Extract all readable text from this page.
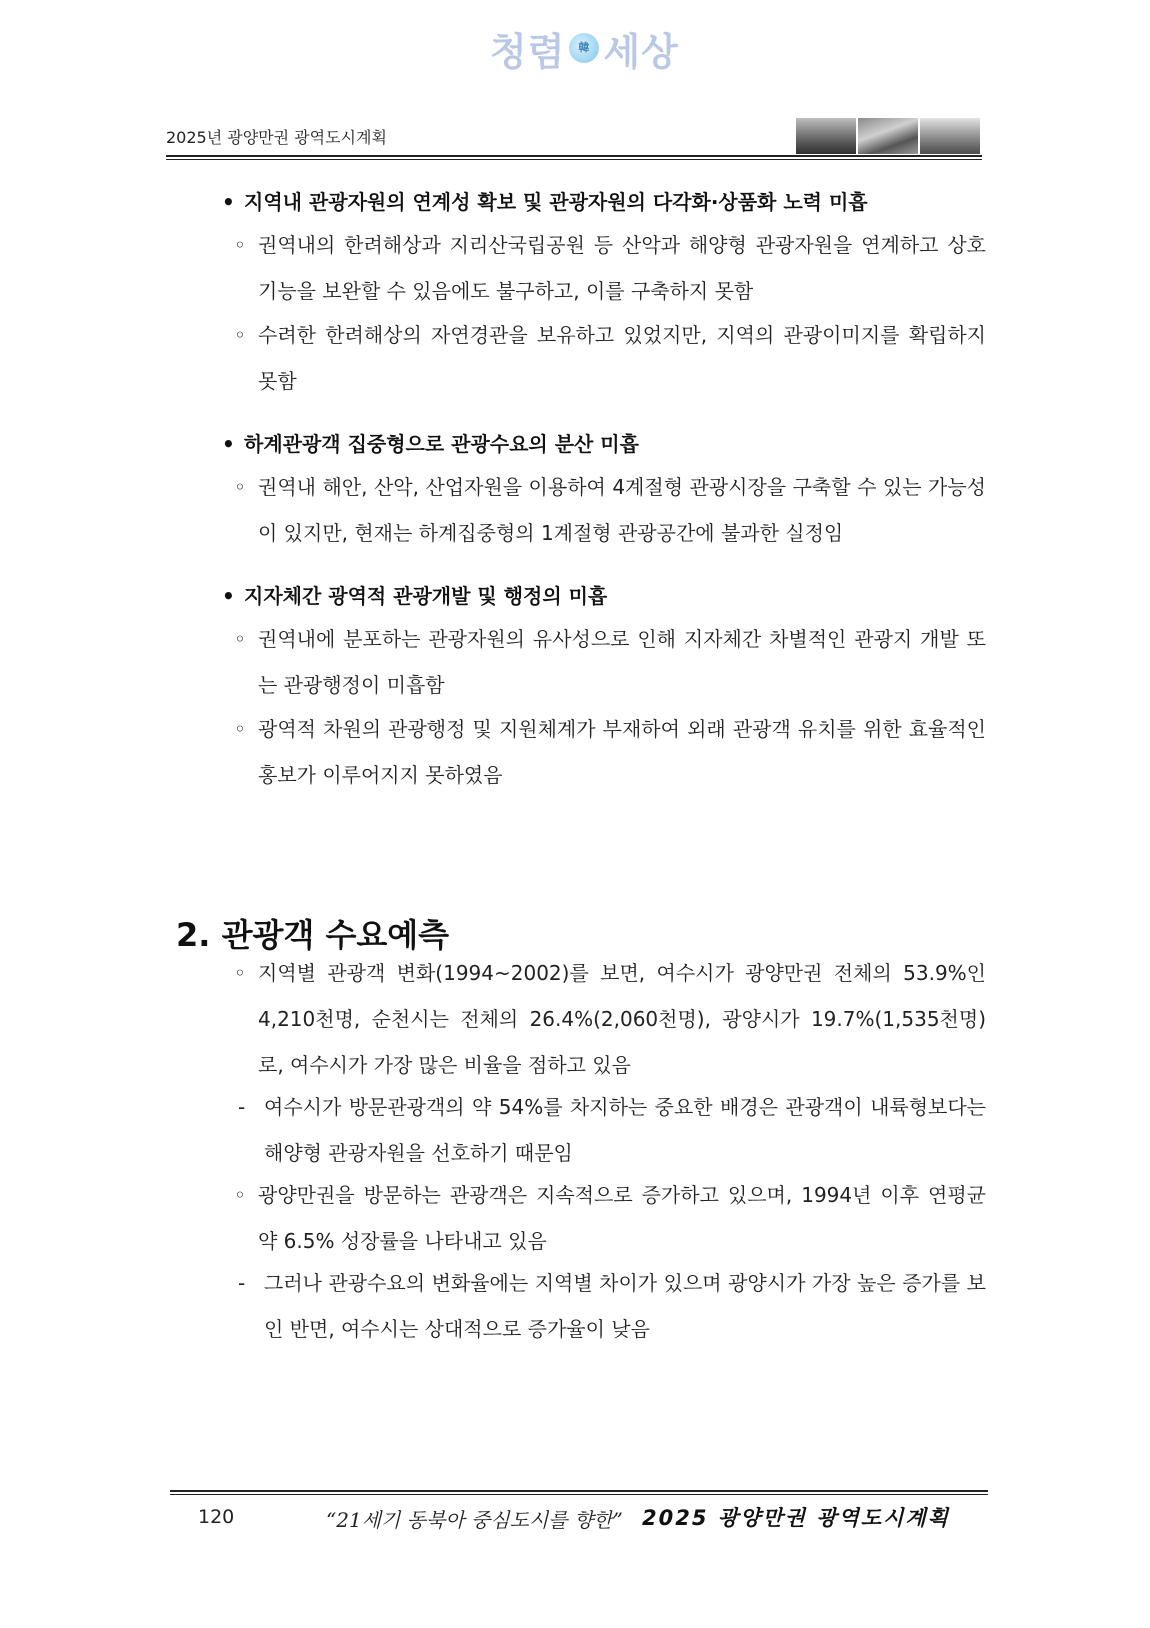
청렴	韓 세상
2025년 광양만권 광역도시계획
• 지역내 관광자원의 연계성 확보 및 관광자원의 다각화·상품화 노력 미흡
◦ 권역내의 한려해상과 지리산국립공원 등 산악과 해양형 관광자원을 연계하고 상호 기능을 보완할 수 있음에도 불구하고, 이를 구축하지 못함
◦ 수려한 한려해상의 자연경관을 보유하고 있었지만, 지역의 관광이미지를 확립하지 못함
• 하계관광객 집중형으로 관광수요의 분산 미흡
◦ 권역내 해안, 산악, 산업자원을 이용하여 4계절형 관광시장을 구축할 수 있는 가능성이 있지만, 현재는 하계집중형의 1계절형 관광공간에 불과한 실정임
• 지자체간 광역적 관광개발 및 행정의 미흡
◦ 권역내에 분포하는 관광자원의 유사성으로 인해 지자체간 차별적인 관광지 개발 또는 관광행정이 미흡함
◦ 광역적 차원의 관광행정 및 지원체계가 부재하여 외래 관광객 유치를 위한 효율적인 홍보가 이루어지지 못하였음
2. 관광객 수요예측
◦ 지역별 관광객 변화(1994~2002)를 보면, 여수시가 광양만권 전체의 53.9%인 4,210천명, 순천시는 전체의 26.4%(2,060천명), 광양시가 19.7%(1,535천명)로, 여수시가 가장 많은 비율을 점하고 있음
- 여수시가 방문관광객의 약 54%를 차지하는 중요한 배경은 관광객이 내륙형보다는 해양형 관광자원을 선호하기 때문임
◦ 광양만권을 방문하는 관광객은 지속적으로 증가하고 있으며, 1994년 이후 연평균 약 6.5% 성장률을 나타내고 있음
- 그러나 관광수요의 변화율에는 지역별 차이가 있으며 광양시가 가장 높은 증가를 보인 반면, 여수시는 상대적으로 증가율이 낮음
120	“21세기 동북아 중심도시를 향한” 2025 광양만권 광역도시계획
